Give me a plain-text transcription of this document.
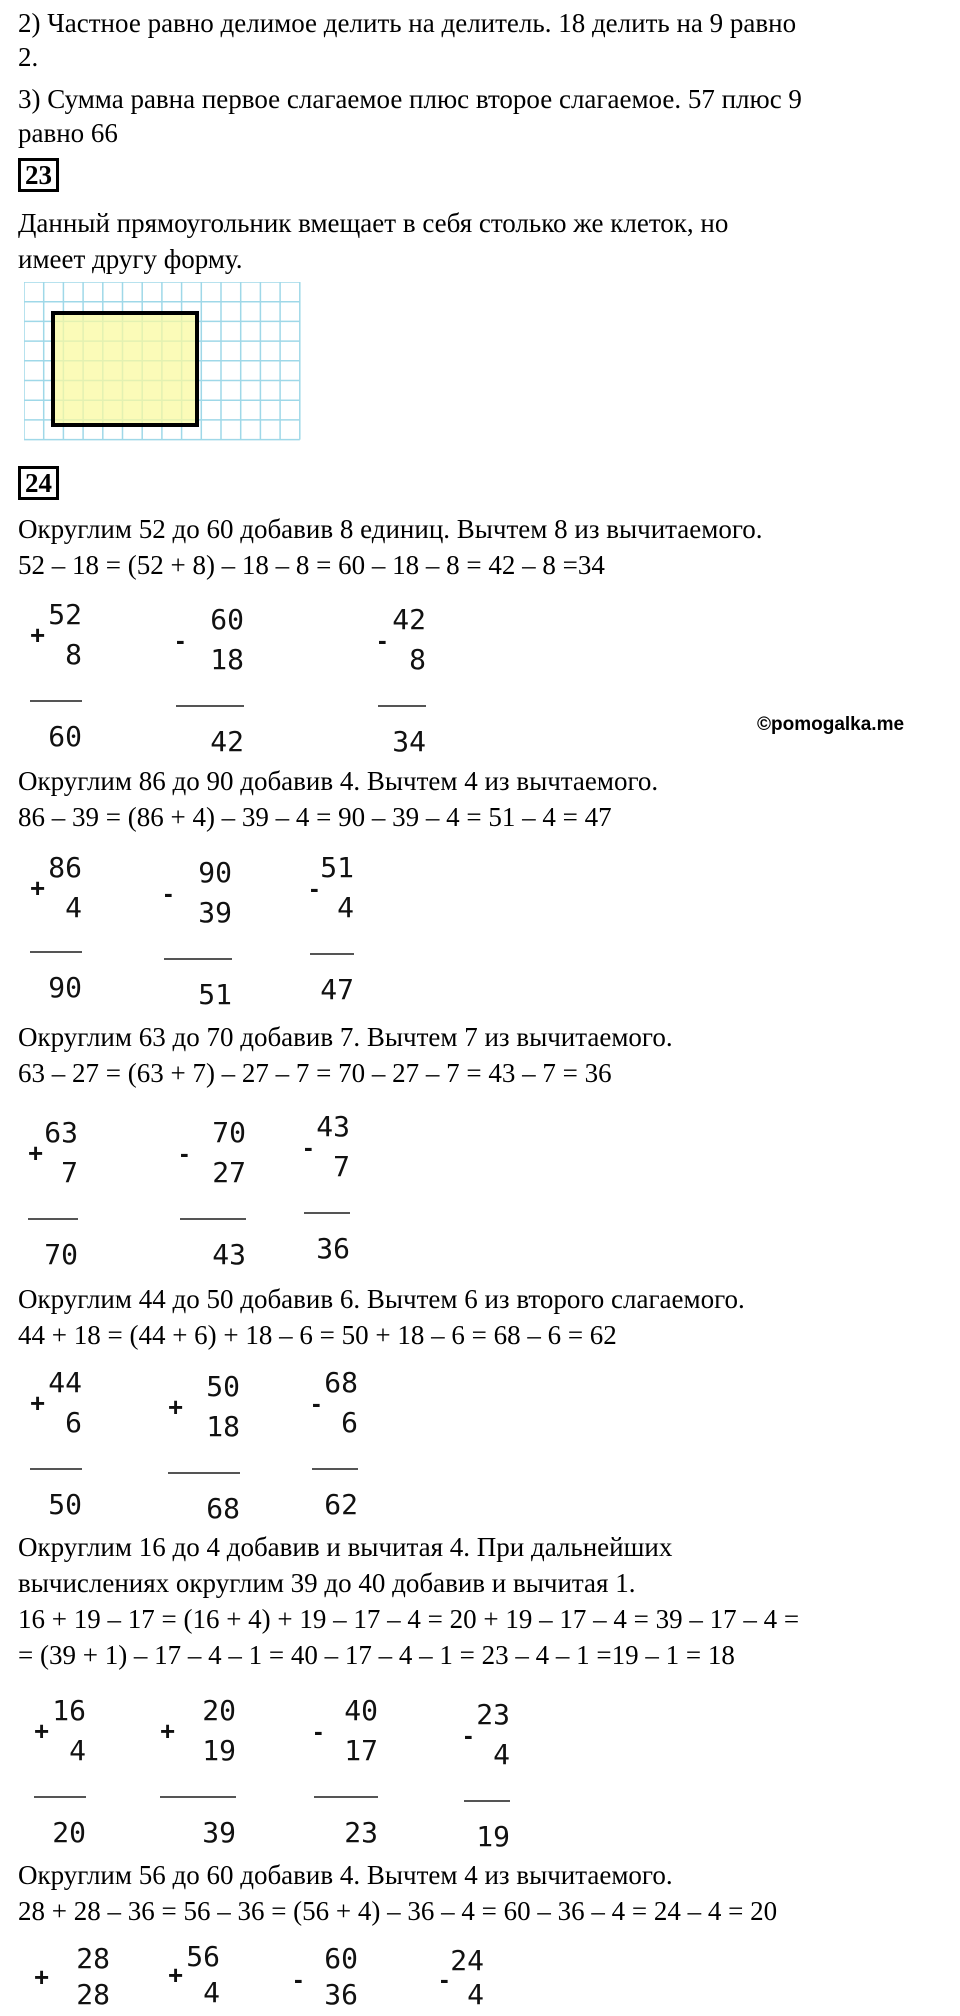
2) Частное равно делимое делить на делитель. 18 делить на 9 равно
2.
3) Сумма равна первое слагаемое плюс второе слагаемое. 57 плюс 9
равно 66
23
Данный прямоугольник вмещает в себя столько же клеток, но
имеет другу форму.
24
©pomogalka.me
Округлим 52 до 60 добавив 8 единиц. Вычтем 8 из вычитаемого.
52 – 18 = (52 + 8) – 18 – 8 = 60 – 18 – 8 = 42 – 8 =34
+
52
8
60
-
60
18
42
-
42
8
34
Округлим 86 до 90 добавив 4. Вычтем 4 из вычтаемого.
86 – 39 = (86 + 4) – 39 – 4 = 90 – 39 – 4 = 51 – 4 = 47
+
86
4
90
-
90
39
51
-
51
4
47
Округлим 63 до 70 добавив 7. Вычтем 7 из вычитаемого.
63 – 27 = (63 + 7) – 27 – 7 = 70 – 27 – 7 = 43 – 7 = 36
+
63
7
70
-
70
27
43
-
43
7
36
Округлим 44 до 50 добавив 6. Вычтем 6 из второго слагаемого.
44 + 18 = (44 + 6) + 18 – 6 = 50 + 18 – 6 = 68 – 6 = 62
+
44
6
50
+
50
18
68
-
68
6
62
Округлим 16 до 4 добавив и вычитая 4. При дальнейших
вычислениях округлим 39 до 40 добавив и вычитая 1.
16 + 19 – 17 = (16 + 4) + 19 – 17 – 4 = 20 + 19 – 17 – 4 = 39 – 17 – 4 =
= (39 + 1) – 17 – 4 – 1 = 40 – 17 – 4 – 1 = 23 – 4 – 1 =19 – 1 = 18
+
16
4
20
+
20
19
39
-
40
17
23
-
23
4
19
Округлим 56 до 60 добавив 4. Вычтем 4 из вычитаемого.
28 + 28 – 36 = 56 – 36 = (56 + 4) – 36 – 4 = 60 – 36 – 4 = 24 – 4 = 20
+
28
28
+
56
4	-
60
36	-
24
4
